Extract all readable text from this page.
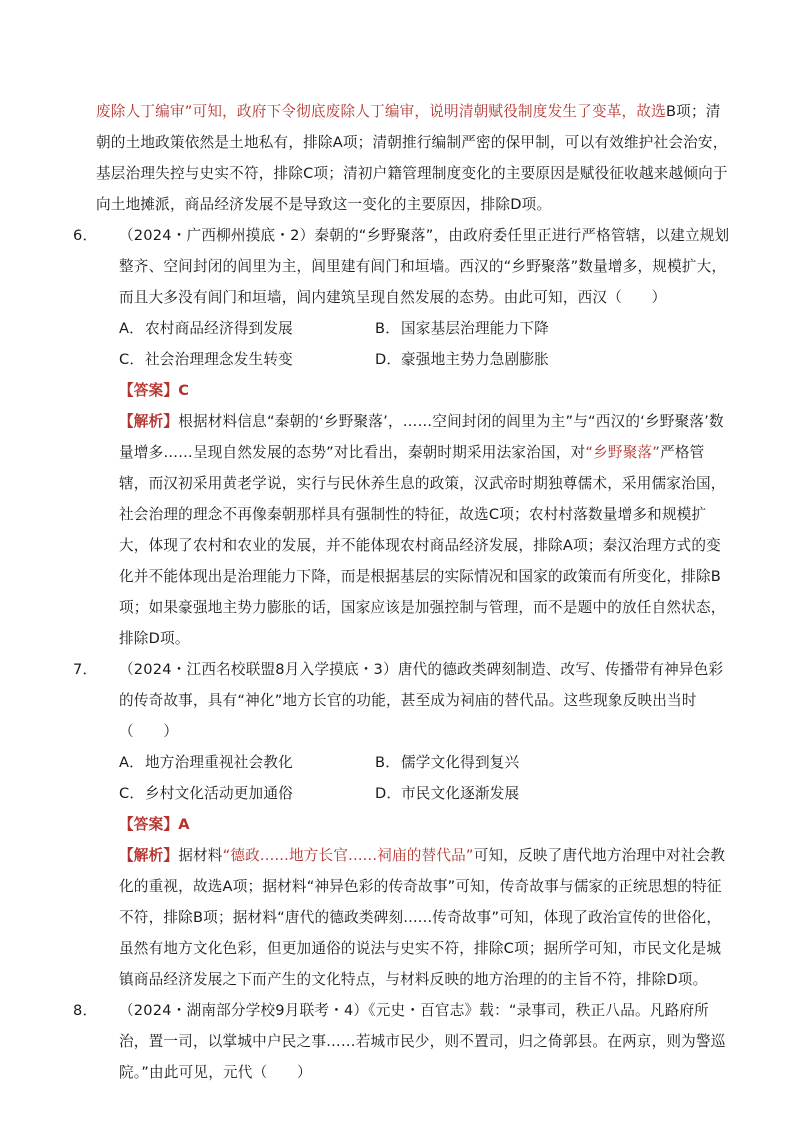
废除人丁编审”可知，政府下令彻底废除人丁编审，说明清朝赋役制度发生了变革，故选B项；清朝的土地政策依然是土地私有，排除A项；清朝推行编制严密的保甲制，可以有效维护社会治安，基层治理失控与史实不符，排除C项；清初户籍管理制度变化的主要原因是赋役征收越来越倾向于向土地摊派，商品经济发展不是导致这一变化的主要原因，排除D项。

6． （2024・广西柳州摸底・2）秦朝的“乡野聚落”，由政府委任里正进行严格管辖，以建立规划整齐、空间封闭的闾里为主，闾里建有闾门和垣墙。西汉的“乡野聚落”数量增多，规模扩大，而且大多没有闾门和垣墙，闾内建筑呈现自然发展的态势。由此可知，西汉（　　）

A．农村商品经济得到发展	B．国家基层治理能力下降
C．社会治理理念发生转变	D．豪强地主势力急剧膨胀

【答案】C

【解析】根据材料信息“秦朝的‘乡野聚落’，……空间封闭的闾里为主”与“西汉的‘乡野聚落’数量增多……呈现自然发展的态势”对比看出，秦朝时期采用法家治国，对“乡野聚落”严格管辖，而汉初采用黄老学说，实行与民休养生息的政策，汉武帝时期独尊儒术，采用儒家治国，社会治理的理念不再像秦朝那样具有强制性的特征，故选C项；农村村落数量增多和规模扩大，体现了农村和农业的发展，并不能体现农村商品经济发展，排除A项；秦汉治理方式的变化并不能体现出是治理能力下降，而是根据基层的实际情况和国家的政策而有所变化，排除B项；如果豪强地主势力膨胀的话，国家应该是加强控制与管理，而不是题中的放任自然状态，排除D项。

7． （2024・江西名校联盟8月入学摸底・3）唐代的德政类碑刻制造、改写、传播带有神异色彩的传奇故事，具有“神化”地方长官的功能，甚至成为祠庙的替代品。这些现象反映出当时（　　）

A．地方治理重视社会教化	B．儒学文化得到复兴
C．乡村文化活动更加通俗	D．市民文化逐渐发展

【答案】A

【解析】据材料“德政......地方长官......祠庙的替代品”可知，反映了唐代地方治理中对社会教化的重视，故选A项；据材料“神异色彩的传奇故事”可知，传奇故事与儒家的正统思想的特征不符，排除B项；据材料“唐代的德政类碑刻......传奇故事”可知，体现了政治宣传的世俗化，虽然有地方文化色彩，但更加通俗的说法与史实不符，排除C项；据所学可知，市民文化是城镇商品经济发展之下而产生的文化特点，与材料反映的地方治理的的主旨不符，排除D项。

8． （2024・湖南部分学校9月联考・4）《元史・百官志》载：“录事司，秩正八品。凡路府所治，置一司，以掌城中户民之事……若城市民少，则不置司，归之倚郭县。在两京，则为警巡院。”由此可见，元代（　　）
